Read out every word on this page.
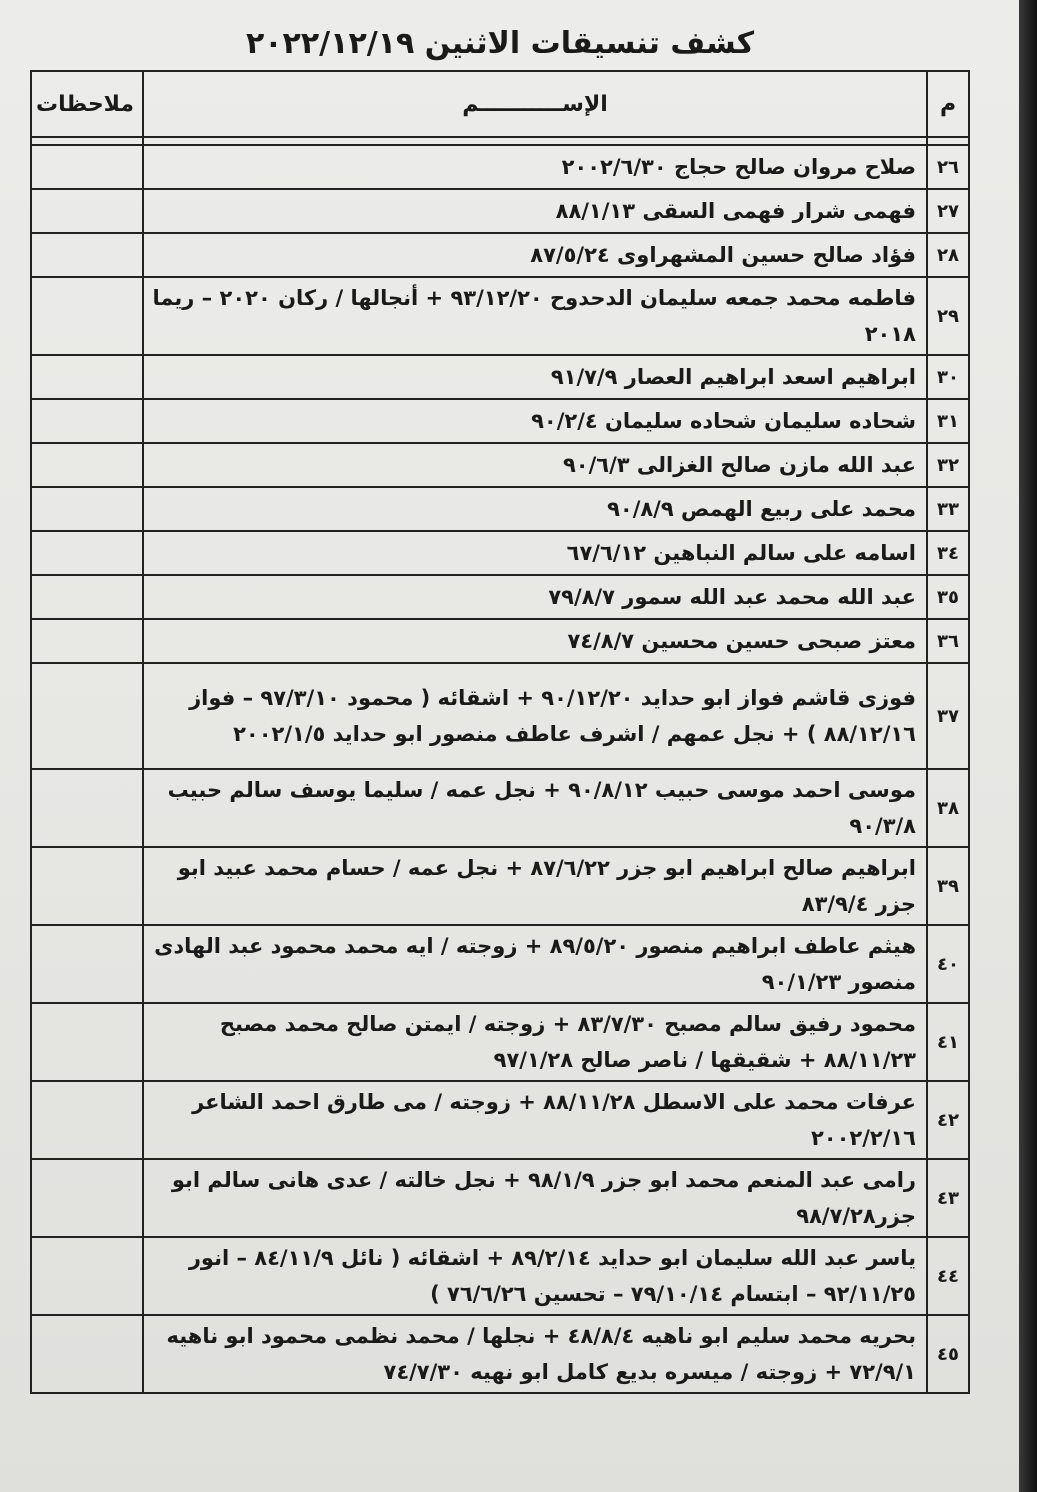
كشف تنسيقات الاثنين ٢٠٢٢/١٢/١٩
م	الإســـــــــــم	ملاحظات

٢٦	صلاح مروان صالح حجاج ٢٠٠٢/٦/٣٠	
٢٧	فهمى شرار فهمى السقى ٨٨/١/١٣	
٢٨	فؤاد صالح حسين المشهراوى ٨٧/٥/٢٤	
٢٩	فاطمه محمد جمعه سليمان الدحدوح ٩٣/١٢/٢٠ + أنجالها / ركان ٢٠٢٠ – ريما ٢٠١٨	
٣٠	ابراهيم اسعد ابراهيم العصار ٩١/٧/٩	
٣١	شحاده سليمان شحاده سليمان ٩٠/٢/٤	
٣٢	عبد الله مازن صالح الغزالى ٩٠/٦/٣	
٣٣	محمد على ربيع الهمص ٩٠/٨/٩	
٣٤	اسامه على سالم النباهين ٦٧/٦/١٢	
٣٥	عبد الله محمد عبد الله سمور ٧٩/٨/٧	
٣٦	معتز صبحى حسين محسين ٧٤/٨/٧	
٣٧	فوزى قاشم فواز ابو حدايد ٩٠/١٢/٢٠ + اشقائه ( محمود ٩٧/٣/١٠ – فواز ٨٨/١٢/١٦ ) + نجل عمهم / اشرف عاطف منصور ابو حدايد ٢٠٠٢/١/٥	
٣٨	موسى احمد موسى حبيب ٩٠/٨/١٢ + نجل عمه / سليما يوسف سالم حبيب ٩٠/٣/٨	
٣٩	ابراهيم صالح ابراهيم ابو جزر ٨٧/٦/٢٢ + نجل عمه / حسام محمد عبيد ابو جزر ٨٣/٩/٤	
٤٠	هيثم عاطف ابراهيم منصور ٨٩/٥/٢٠ + زوجته / ايه محمد محمود عبد الهادى منصور ٩٠/١/٢٣	
٤١	محمود رفيق سالم مصبح ٨٣/٧/٣٠ + زوجته / ايمتن صالح محمد مصبح ٨٨/١١/٢٣ + شقيقها / ناصر صالح ٩٧/١/٢٨	
٤٢	عرفات محمد على الاسطل ٨٨/١١/٢٨ + زوجته / مى طارق احمد الشاعر ٢٠٠٢/٢/١٦	
٤٣	رامى عبد المنعم محمد ابو جزر ٩٨/١/٩ + نجل خالته / عدى هانى سالم ابو جزر٩٨/٧/٢٨	
٤٤	ياسر عبد الله سليمان ابو حدايد ٨٩/٢/١٤ + اشقائه ( نائل ٨٤/١١/٩ – انور ٩٢/١١/٢٥ – ابتسام ٧٩/١٠/١٤ – تحسين ٧٦/٦/٢٦ )	
٤٥	بحريه محمد سليم ابو ناهيه ٤٨/٨/٤ + نجلها / محمد نظمى محمود ابو ناهيه ٧٢/٩/١ + زوجته / ميسره بديع كامل ابو نهيه ٧٤/٧/٣٠	
